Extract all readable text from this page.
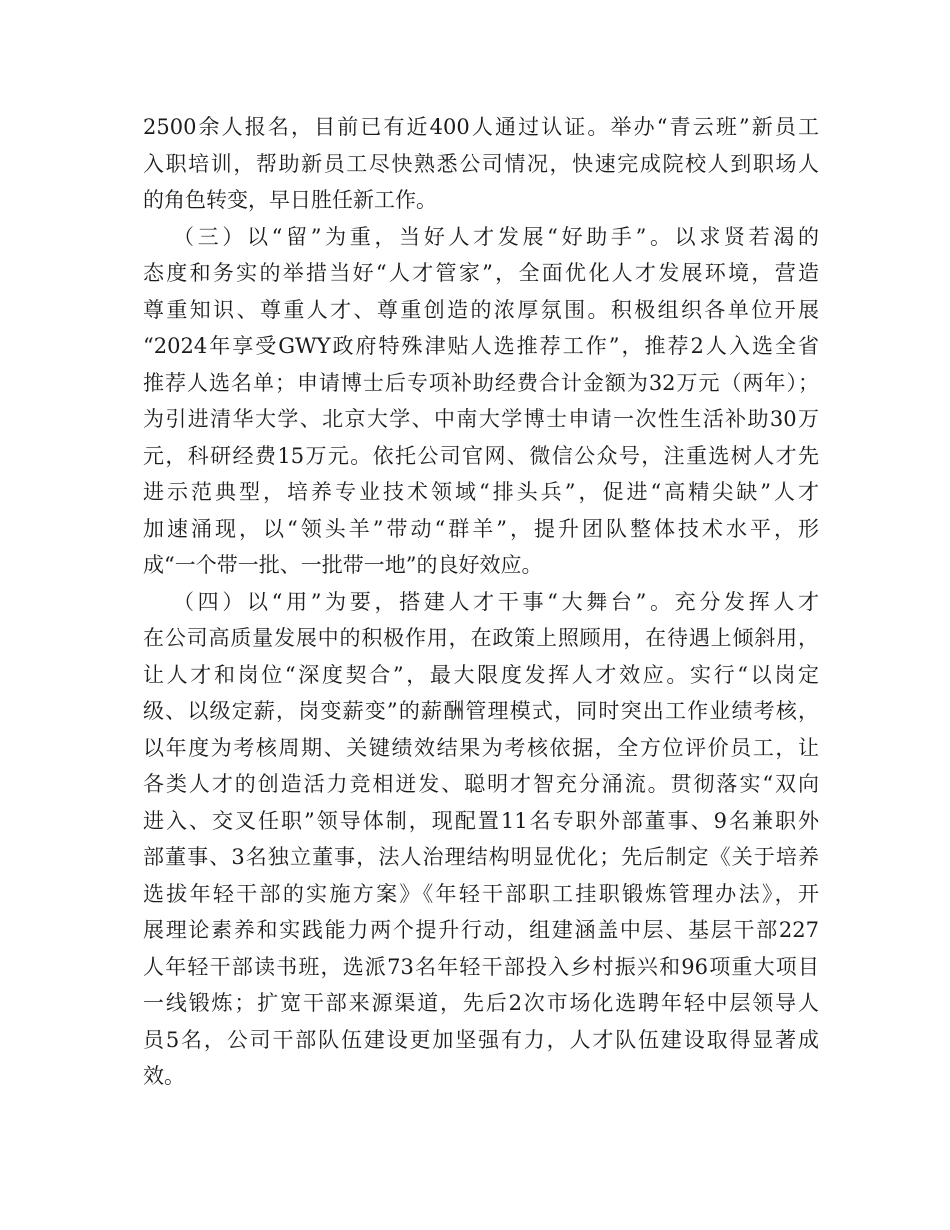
2500余人报名，目前已有近400人通过认证。举办“青云班”新员工
入职培训，帮助新员工尽快熟悉公司情况，快速完成院校人到职场人
的角色转变，早日胜任新工作。
（三）以“留”为重，当好人才发展“好助手”。以求贤若渴的
态度和务实的举措当好“人才管家”，全面优化人才发展环境，营造
尊重知识、尊重人才、尊重创造的浓厚氛围。积极组织各单位开展
“2024年享受GWY政府特殊津贴人选推荐工作”，推荐2人入选全省
推荐人选名单；申请博士后专项补助经费合计金额为32万元（两年）；
为引进清华大学、北京大学、中南大学博士申请一次性生活补助30万
元，科研经费15万元。依托公司官网、微信公众号，注重选树人才先
进示范典型，培养专业技术领域“排头兵”，促进“高精尖缺”人才
加速涌现，以“领头羊”带动“群羊”，提升团队整体技术水平，形
成“一个带一批、一批带一地”的良好效应。
（四）以“用”为要，搭建人才干事“大舞台”。充分发挥人才
在公司高质量发展中的积极作用，在政策上照顾用，在待遇上倾斜用，
让人才和岗位“深度契合”，最大限度发挥人才效应。实行“以岗定
级、以级定薪，岗变薪变”的薪酬管理模式，同时突出工作业绩考核，
以年度为考核周期、关键绩效结果为考核依据，全方位评价员工，让
各类人才的创造活力竞相迸发、聪明才智充分涌流。贯彻落实“双向
进入、交叉任职”领导体制，现配置11名专职外部董事、9名兼职外
部董事、3名独立董事，法人治理结构明显优化；先后制定《关于培养
选拔年轻干部的实施方案》《年轻干部职工挂职锻炼管理办法》，开
展理论素养和实践能力两个提升行动，组建涵盖中层、基层干部227
人年轻干部读书班，选派73名年轻干部投入乡村振兴和96项重大项目
一线锻炼；扩宽干部来源渠道，先后2次市场化选聘年轻中层领导人
员5名，公司干部队伍建设更加坚强有力，人才队伍建设取得显著成
效。
